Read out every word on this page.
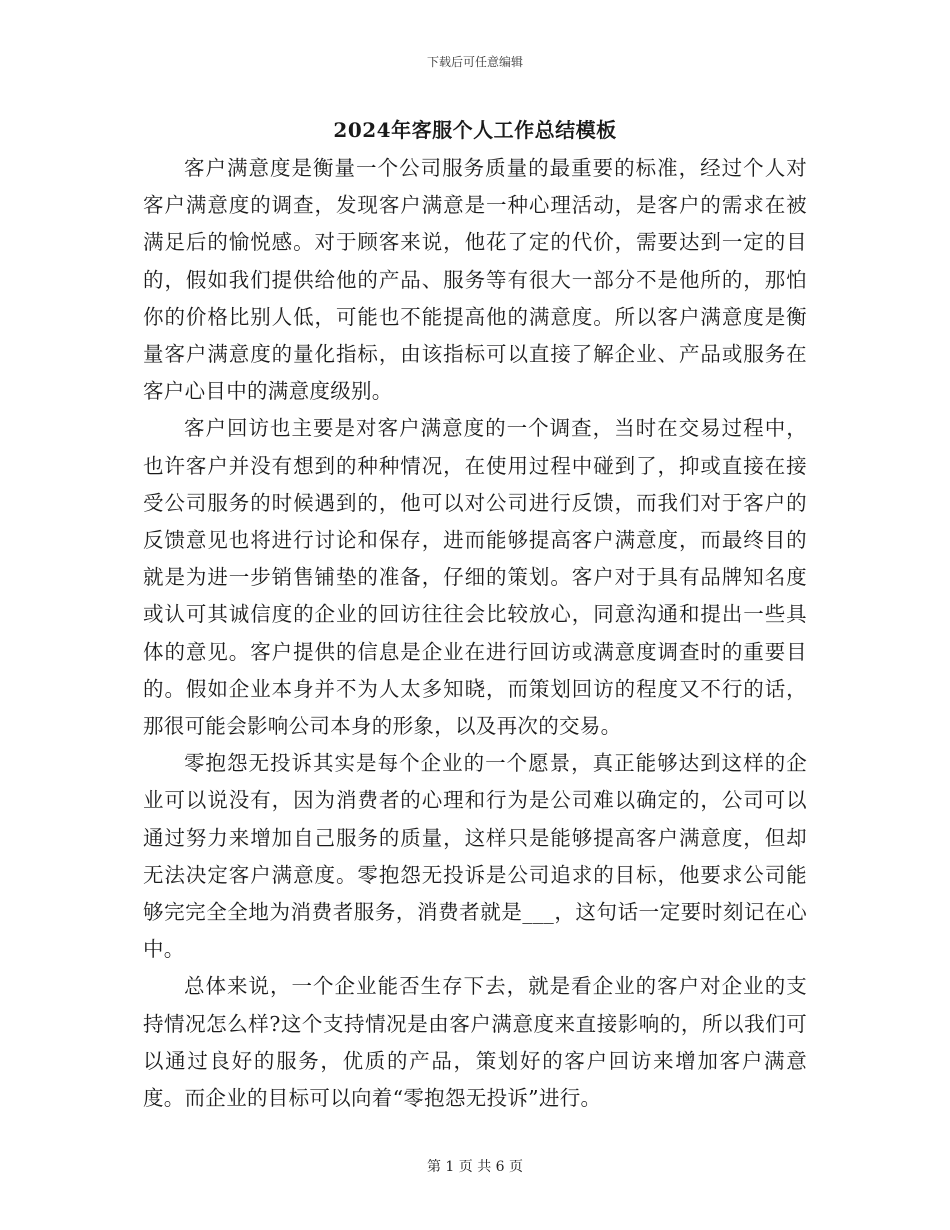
下载后可任意编辑
2024年客服个人工作总结模板

客户满意度是衡量一个公司服务质量的最重要的标准，经过个人对客户满意度的调查，发现客户满意是一种心理活动，是客户的需求在被满足后的愉悦感。对于顾客来说，他花了定的代价，需要达到一定的目的，假如我们提供给他的产品、服务等有很大一部分不是他所的，那怕你的价格比别人低，可能也不能提高他的满意度。所以客户满意度是衡量客户满意度的量化指标，由该指标可以直接了解企业、产品或服务在客户心目中的满意度级别。

客户回访也主要是对客户满意度的一个调查，当时在交易过程中，也许客户并没有想到的种种情况，在使用过程中碰到了，抑或直接在接受公司服务的时候遇到的，他可以对公司进行反馈，而我们对于客户的反馈意见也将进行讨论和保存，进而能够提高客户满意度，而最终目的就是为进一步销售铺垫的准备，仔细的策划。客户对于具有品牌知名度或认可其诚信度的企业的回访往往会比较放心，同意沟通和提出一些具体的意见。客户提供的信息是企业在进行回访或满意度调查时的重要目的。假如企业本身并不为人太多知晓，而策划回访的程度又不行的话，那很可能会影响公司本身的形象，以及再次的交易。

零抱怨无投诉其实是每个企业的一个愿景，真正能够达到这样的企业可以说没有，因为消费者的心理和行为是公司难以确定的，公司可以通过努力来增加自己服务的质量，这样只是能够提高客户满意度，但却无法决定客户满意度。零抱怨无投诉是公司追求的目标，他要求公司能够完完全全地为消费者服务，消费者就是___，这句话一定要时刻记在心中。

总体来说，一个企业能否生存下去，就是看企业的客户对企业的支持情况怎么样?这个支持情况是由客户满意度来直接影响的，所以我们可以通过良好的服务，优质的产品，策划好的客户回访来增加客户满意度。而企业的目标可以向着“零抱怨无投诉”进行。

第 1 页 共 6 页
